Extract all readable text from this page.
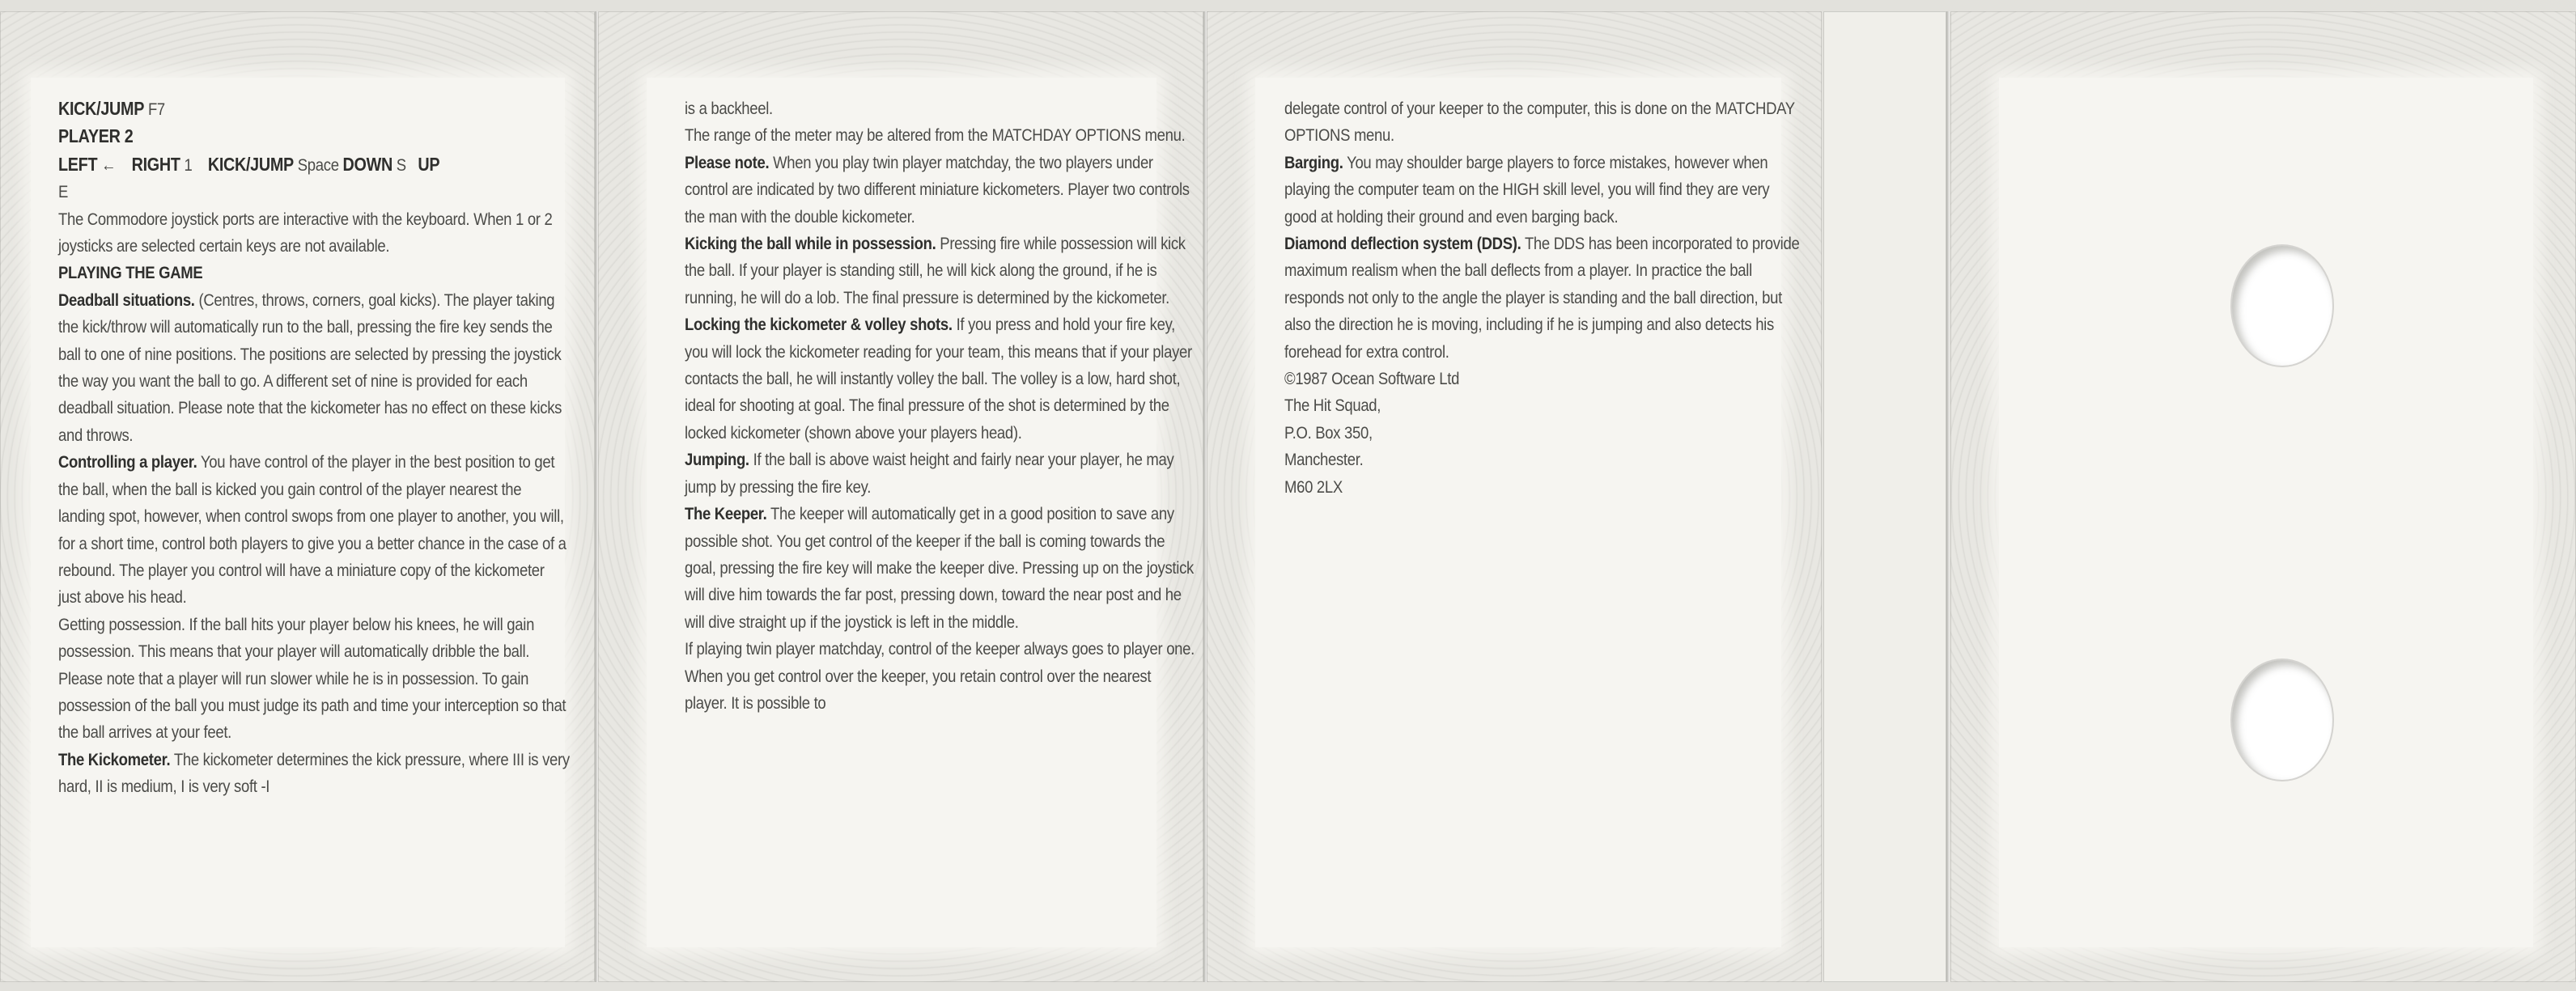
KICK/JUMP F7

PLAYER 2

LEFT ← RIGHT 1 KICK/JUMP Space DOWN S UP

E

The Commodore joystick ports are interactive with the keyboard. When 1 or 2 joysticks are selected certain keys are not available.

PLAYING THE GAME

Deadball situations. (Centres, throws, corners, goal kicks). The player taking the kick/throw will automatically run to the ball, pressing the fire key sends the ball to one of nine positions. The positions are selected by pressing the joystick the way you want the ball to go. A different set of nine is provided for each deadball situation. Please note that the kickometer has no effect on these kicks and throws.

Controlling a player. You have control of the player in the best position to get the ball, when the ball is kicked you gain control of the player nearest the landing spot, however, when control swops from one player to another, you will, for a short time, control both players to give you a better chance in the case of a rebound. The player you control will have a miniature copy of the kickometer just above his head.

Getting possession. If the ball hits your player below his knees, he will gain possession. This means that your player will automatically dribble the ball. Please note that a player will run slower while he is in possession. To gain possession of the ball you must judge its path and time your interception so that the ball arrives at your feet.

The Kickometer. The kickometer determines the kick pressure, where III is very hard, II is medium, I is very soft -I

is a backheel.

The range of the meter may be altered from the MATCHDAY OPTIONS menu.

Please note. When you play twin player matchday, the two players under control are indicated by two different miniature kickometers. Player two controls the man with the double kickometer.

Kicking the ball while in possession. Pressing fire while possession will kick the ball. If your player is standing still, he will kick along the ground, if he is running, he will do a lob. The final pressure is determined by the kickometer.

Locking the kickometer & volley shots. If you press and hold your fire key, you will lock the kickometer reading for your team, this means that if your player contacts the ball, he will instantly volley the ball. The volley is a low, hard shot, ideal for shooting at goal. The final pressure of the shot is determined by the locked kickometer (shown above your players head).

Jumping. If the ball is above waist height and fairly near your player, he may jump by pressing the fire key.

The Keeper. The keeper will automatically get in a good position to save any possible shot. You get control of the keeper if the ball is coming towards the goal, pressing the fire key will make the keeper dive. Pressing up on the joystick will dive him towards the far post, pressing down, toward the near post and he will dive straight up if the joystick is left in the middle.

If playing twin player matchday, control of the keeper always goes to player one. When you get control over the keeper, you retain control over the nearest player. It is possible to

delegate control of your keeper to the computer, this is done on the MATCHDAY OPTIONS menu.

Barging. You may shoulder barge players to force mistakes, however when playing the computer team on the HIGH skill level, you will find they are very good at holding their ground and even barging back.

Diamond deflection system (DDS). The DDS has been incorporated to provide maximum realism when the ball deflects from a player. In practice the ball responds not only to the angle the player is standing and the ball direction, but also the direction he is moving, including if he is jumping and also detects his forehead for extra control.

©1987 Ocean Software Ltd

The Hit Squad,

P.O. Box 350,

Manchester.

M60 2LX
